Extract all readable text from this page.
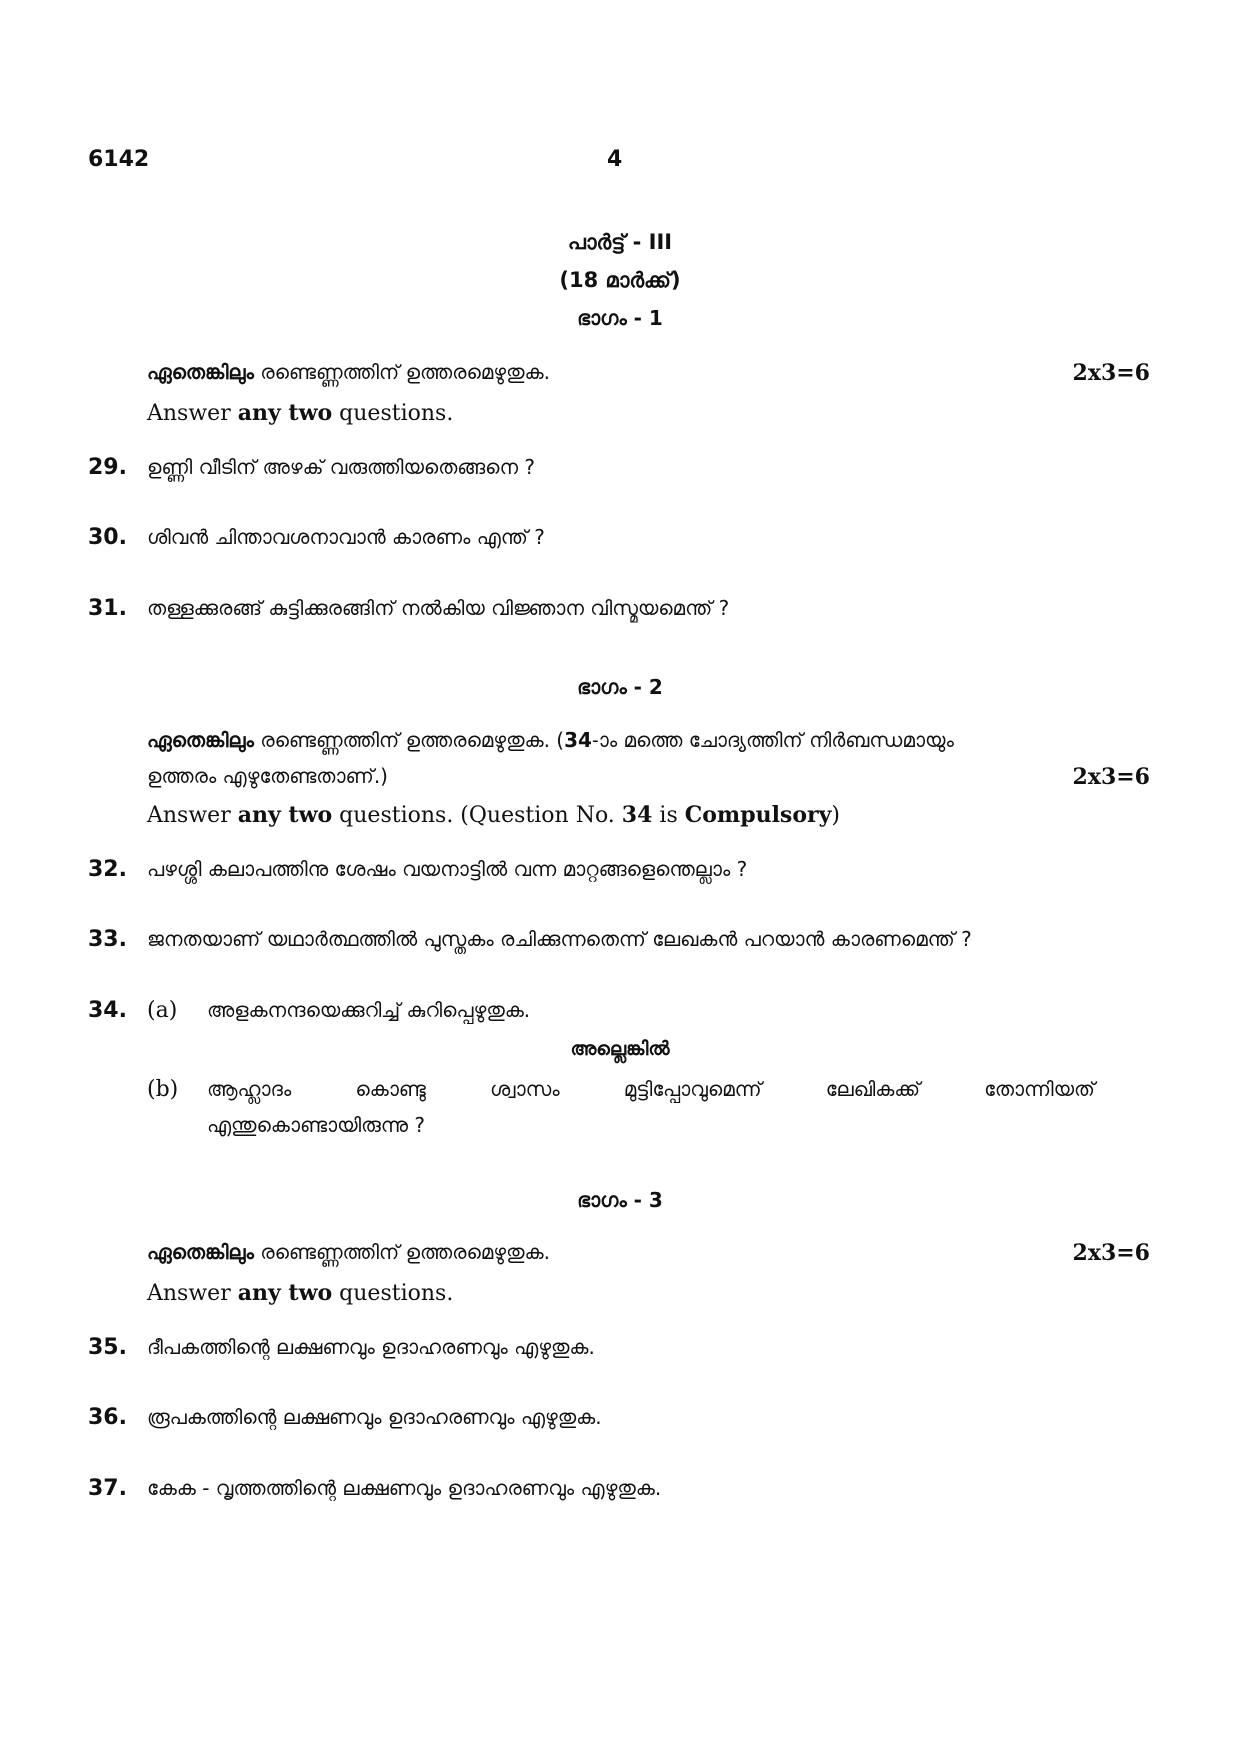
6142	4
പാർട്ട് - III
(18 മാർക്ക്)
ഭാഗം - 1
ഏതെങ്കിലും രണ്ടെണ്ണത്തിന് ഉത്തരമെഴുതുക.	2x3=6
Answer any two questions.
29. ഉണ്ണി വീടിന് അഴക് വരുത്തിയതെങ്ങനെ ?
30. ശിവൻ ചിന്താവശനാവാൻ കാരണം എന്ത് ?
31. തള്ളക്കുരങ്ങ് കുട്ടിക്കുരങ്ങിന് നൽകിയ വിജ്ഞാന വിസ്മയമെന്ത് ?
ഭാഗം - 2
ഏതെങ്കിലും രണ്ടെണ്ണത്തിന് ഉത്തരമെഴുതുക. (34-ാം മത്തെ ചോദ്യത്തിന് നിർബന്ധമായും
ഉത്തരം എഴുതേണ്ടതാണ്.)	2x3=6
Answer any two questions. (Question No. 34 is Compulsory)
32. പഴശ്ശി കലാപത്തിനു ശേഷം വയനാട്ടിൽ വന്ന മാറ്റങ്ങളെന്തെല്ലാം ?
33. ജനതയാണ് യഥാർത്ഥത്തിൽ പുസ്തകം രചിക്കുന്നതെന്ന് ലേഖകൻ പറയാൻ കാരണമെന്ത് ?
34. (a) അളകനന്ദയെക്കുറിച്ച് കുറിപ്പെഴുതുക.
അല്ലെങ്കിൽ
(b) ആഹ്ലാദം	കൊണ്ടു	ശ്വാസം	മുട്ടിപ്പോവുമെന്ന്	ലേഖികക്ക്	തോന്നിയത്
എന്തുകൊണ്ടായിരുന്നു ?
ഭാഗം - 3
ഏതെങ്കിലും രണ്ടെണ്ണത്തിന് ഉത്തരമെഴുതുക.	2x3=6
Answer any two questions.
35. ദീപകത്തിന്റെ ലക്ഷണവും ഉദാഹരണവും എഴുതുക.
36. രൂപകത്തിന്റെ ലക്ഷണവും ഉദാഹരണവും എഴുതുക.
37. കേക - വൃത്തത്തിന്റെ ലക്ഷണവും ഉദാഹരണവും എഴുതുക.
